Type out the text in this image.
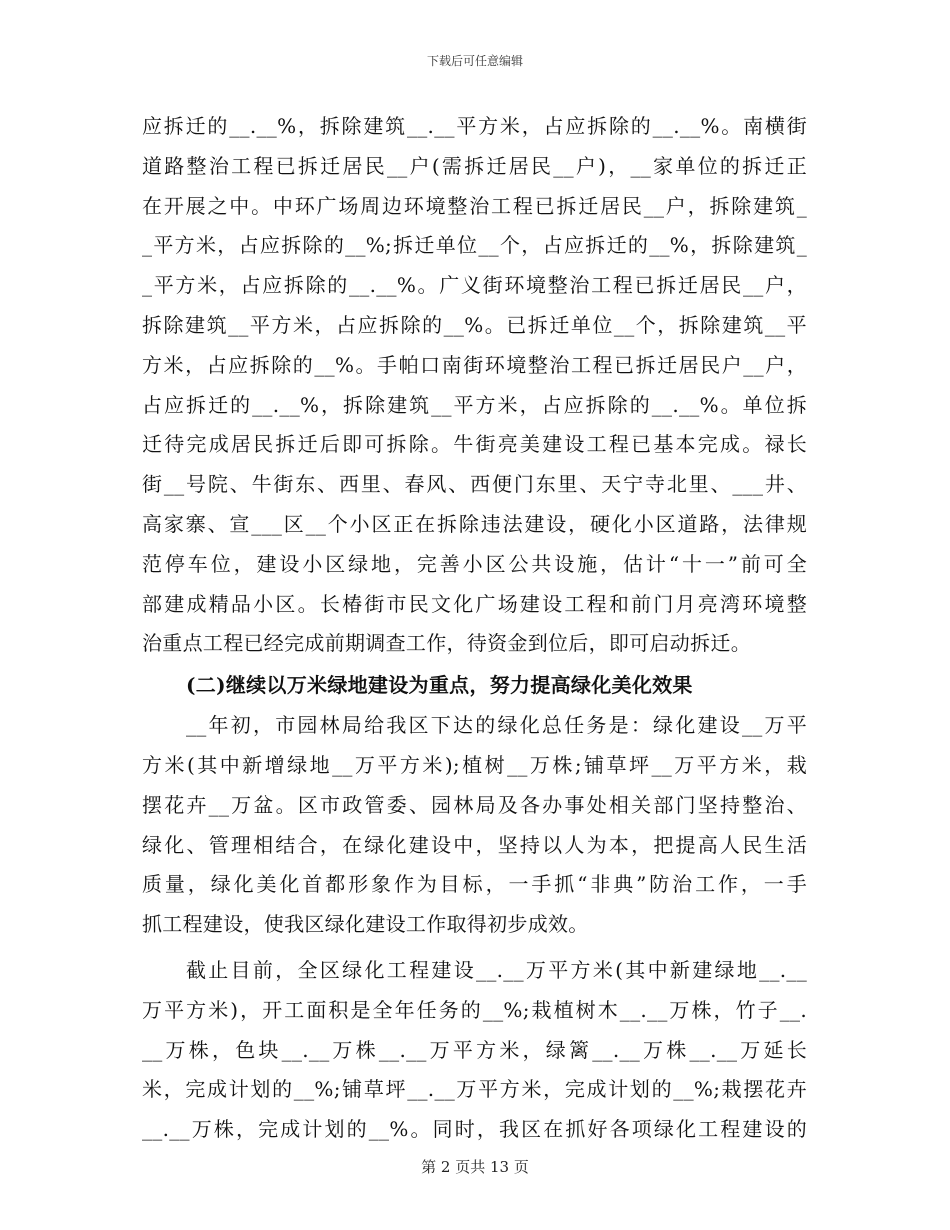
下载后可任意编辑
应拆迁的__.__%，拆除建筑__.__平方米，占应拆除的__.__%。南横街
道路整治工程已拆迁居民__户(需拆迁居民__户)，__家单位的拆迁正
在开展之中。中环广场周边环境整治工程已拆迁居民__户，拆除建筑_
_平方米，占应拆除的__%;拆迁单位__个，占应拆迁的__%，拆除建筑_
_平方米，占应拆除的__.__%。广义街环境整治工程已拆迁居民__户，
拆除建筑__平方米，占应拆除的__%。已拆迁单位__个，拆除建筑__平
方米，占应拆除的__%。手帕口南街环境整治工程已拆迁居民户__户，
占应拆迁的__.__%，拆除建筑__平方米，占应拆除的__.__%。单位拆
迁待完成居民拆迁后即可拆除。牛街亮美建设工程已基本完成。禄长
街__号院、牛街东、西里、春风、西便门东里、天宁寺北里、___井、
高家寨、宣___区__个小区正在拆除违法建设，硬化小区道路，法律规
范停车位，建设小区绿地，完善小区公共设施，估计“十一”前可全
部建成精品小区。长椿街市民文化广场建设工程和前门月亮湾环境整
治重点工程已经完成前期调查工作，待资金到位后，即可启动拆迁。
(二)继续以万米绿地建设为重点，努力提高绿化美化效果
__年初，市园林局给我区下达的绿化总任务是：绿化建设__万平
方米(其中新增绿地__万平方米);植树__万株;铺草坪__万平方米，栽
摆花卉__万盆。区市政管委、园林局及各办事处相关部门坚持整治、
绿化、管理相结合，在绿化建设中，坚持以人为本，把提高人民生活
质量，绿化美化首都形象作为目标，一手抓“非典”防治工作，一手
抓工程建设，使我区绿化建设工作取得初步成效。
截止目前，全区绿化工程建设__.__万平方米(其中新建绿地__.__
万平方米)，开工面积是全年任务的__%;栽植树木__.__万株，竹子__.
__万株，色块__.__万株__.__万平方米，绿篱__.__万株__.__万延长
米，完成计划的__%;铺草坪__.__万平方米，完成计划的__%;栽摆花卉
__.__万株，完成计划的__%。同时，我区在抓好各项绿化工程建设的
第 2 页共 13 页
